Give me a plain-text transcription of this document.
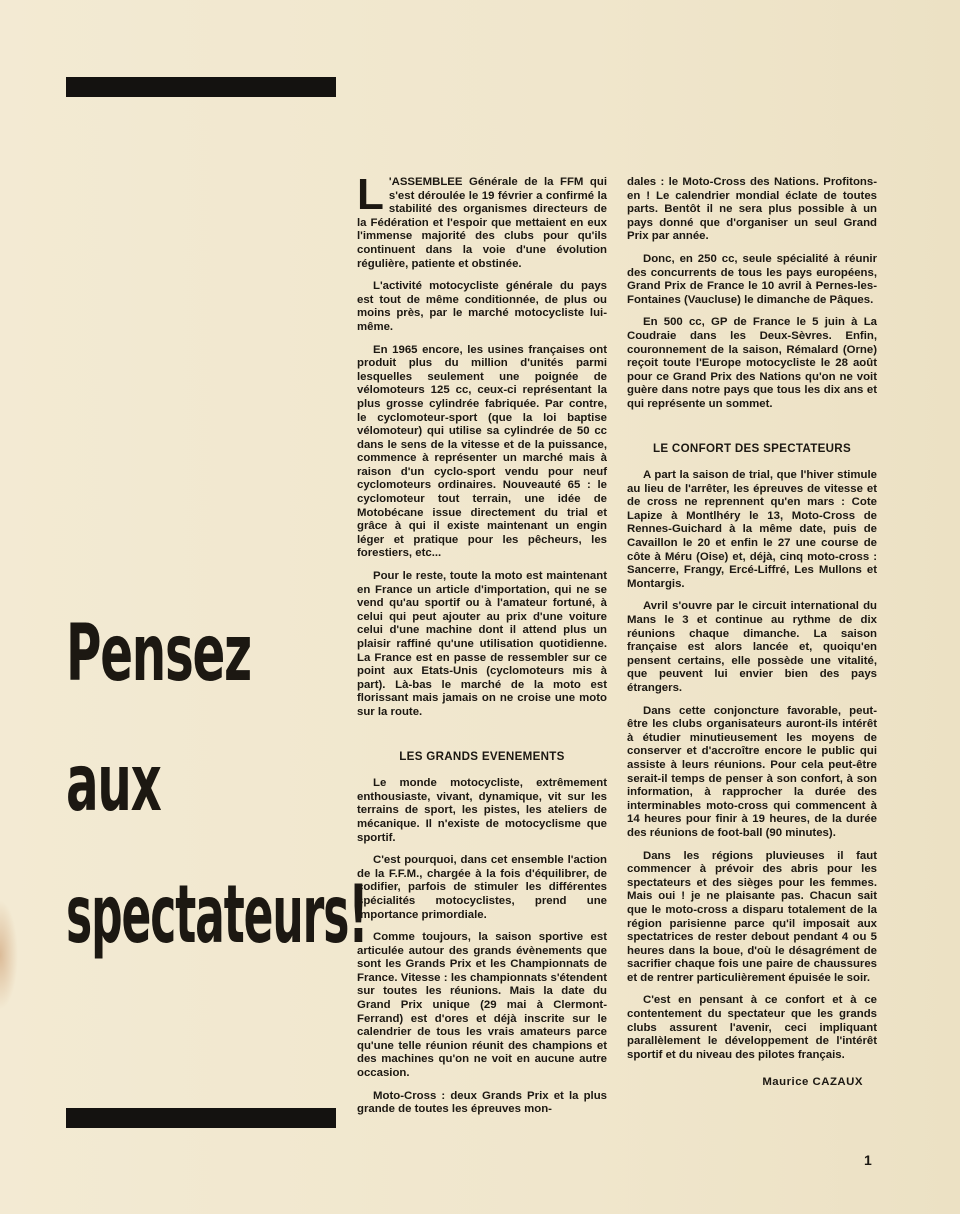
Pensez
aux
spectateurs!

L 'ASSEMBLEE Générale de la FFM qui s'est déroulée le 19 février a confirmé la stabilité des organismes directeurs de la Fédération et l'espoir que mettaient en eux l'immense majorité des clubs pour qu'ils continuent dans la voie d'une évolution régulière, patiente et obstinée.

L'activité motocycliste générale du pays est tout de même conditionnée, de plus ou moins près, par le marché motocycliste lui-même.

En 1965 encore, les usines françaises ont produit plus du million d'unités parmi lesquelles seulement une poignée de vélomoteurs 125 cc, ceux-ci représentant la plus grosse cylindrée fabriquée. Par contre, le cyclomoteur-sport (que la loi baptise vélomoteur) qui utilise sa cylindrée de 50 cc dans le sens de la vitesse et de la puissance, commence à représenter un marché mais à raison d'un cyclo-sport vendu pour neuf cyclomoteurs ordinaires. Nouveauté 65 : le cyclomoteur tout terrain, une idée de Motobécane issue directement du trial et grâce à qui il existe maintenant un engin léger et pratique pour les pêcheurs, les forestiers, etc...

Pour le reste, toute la moto est maintenant en France un article d'importation, qui ne se vend qu'au sportif ou à l'amateur fortuné, à celui qui peut ajouter au prix d'une voiture celui d'une machine dont il attend plus un plaisir raffiné qu'une utilisation quotidienne. La France est en passe de ressembler sur ce point aux Etats-Unis (cyclomoteurs mis à part). Là-bas le marché de la moto est florissant mais jamais on ne croise une moto sur la route.

LES GRANDS EVENEMENTS

Le monde motocycliste, extrêmement enthousiaste, vivant, dynamique, vit sur les terrains de sport, les pistes, les ateliers de mécanique. Il n'existe de motocyclisme que sportif.

C'est pourquoi, dans cet ensemble l'action de la F.F.M., chargée à la fois d'équilibrer, de codifier, parfois de stimuler les différentes spécialités motocyclistes, prend une importance primordiale.

Comme toujours, la saison sportive est articulée autour des grands évènements que sont les Grands Prix et les Championnats de France. Vitesse : les championnats s'étendent sur toutes les réunions. Mais la date du Grand Prix unique (29 mai à Clermont-Ferrand) est d'ores et déjà inscrite sur le calendrier de tous les vrais amateurs parce qu'une telle réunion réunit des champions et des machines qu'on ne voit en aucune autre occasion.

Moto-Cross : deux Grands Prix et la plus grande de toutes les épreuves mon-

dales : le Moto-Cross des Nations. Profitons-en ! Le calendrier mondial éclate de toutes parts. Bentôt il ne sera plus possible à un pays donné que d'organiser un seul Grand Prix par année.

Donc, en 250 cc, seule spécialité à réunir des concurrents de tous les pays européens, Grand Prix de France le 10 avril à Pernes-les-Fontaines (Vaucluse) le dimanche de Pâques.

En 500 cc, GP de France le 5 juin à La Coudraie dans les Deux-Sèvres. Enfin, couronnement de la saison, Rémalard (Orne) reçoit toute l'Europe motocycliste le 28 août pour ce Grand Prix des Nations qu'on ne voit guère dans notre pays que tous les dix ans et qui représente un sommet.

LE CONFORT DES SPECTATEURS

A part la saison de trial, que l'hiver stimule au lieu de l'arrêter, les épreuves de vitesse et de cross ne reprennent qu'en mars : Cote Lapize à Montlhéry le 13, Moto-Cross de Rennes-Guichard à la même date, puis de Cavaillon le 20 et enfin le 27 une course de côte à Méru (Oise) et, déjà, cinq moto-cross : Sancerre, Frangy, Ercé-Liffré, Les Mullons et Montargis.

Avril s'ouvre par le circuit international du Mans le 3 et continue au rythme de dix réunions chaque dimanche. La saison française est alors lancée et, quoiqu'en pensent certains, elle possède une vitalité, que peuvent lui envier bien des pays étrangers.

Dans cette conjoncture favorable, peut-être les clubs organisateurs auront-ils intérêt à étudier minutieusement les moyens de conserver et d'accroître encore le public qui assiste à leurs réunions. Pour cela peut-être serait-il temps de penser à son confort, à son information, à rapprocher la durée des interminables moto-cross qui commencent à 14 heures pour finir à 19 heures, de la durée des réunions de foot-ball (90 minutes).

Dans les régions pluvieuses il faut commencer à prévoir des abris pour les spectateurs et des sièges pour les femmes. Mais oui ! je ne plaisante pas. Chacun sait que le moto-cross a disparu totalement de la région parisienne parce qu'il imposait aux spectatrices de rester debout pendant 4 ou 5 heures dans la boue, d'où le désagrément de sacrifier chaque fois une paire de chaussures et de rentrer particulièrement épuisée le soir.

C'est en pensant à ce confort et à ce contentement du spectateur que les grands clubs assurent l'avenir, ceci impliquant parallèlement le développement de l'intérêt sportif et du niveau des pilotes français.

Maurice CAZAUX
1
